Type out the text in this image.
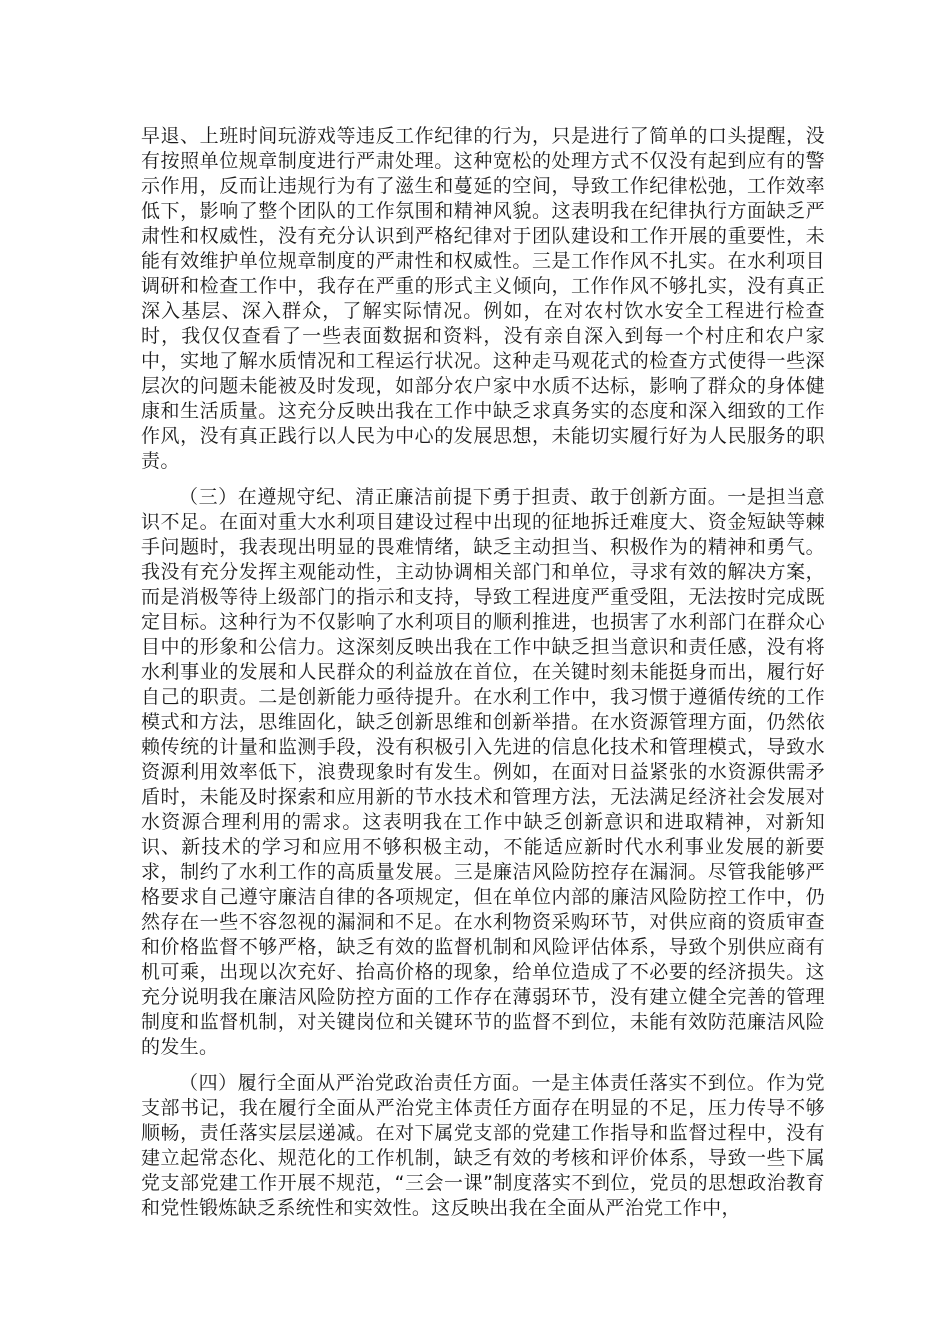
早退、上班时间玩游戏等违反工作纪律的行为，只是进行了简单的口头提醒，没有按照单位规章制度进行严肃处理。这种宽松的处理方式不仅没有起到应有的警示作用，反而让违规行为有了滋生和蔓延的空间，导致工作纪律松弛，工作效率低下，影响了整个团队的工作氛围和精神风貌。这表明我在纪律执行方面缺乏严肃性和权威性，没有充分认识到严格纪律对于团队建设和工作开展的重要性，未能有效维护单位规章制度的严肃性和权威性。三是工作作风不扎实。在水利项目调研和检查工作中，我存在严重的形式主义倾向，工作作风不够扎实，没有真正深入基层、深入群众，了解实际情况。例如，在对农村饮水安全工程进行检查时，我仅仅查看了一些表面数据和资料，没有亲自深入到每一个村庄和农户家中，实地了解水质情况和工程运行状况。这种走马观花式的检查方式使得一些深层次的问题未能被及时发现，如部分农户家中水质不达标，影响了群众的身体健康和生活质量。这充分反映出我在工作中缺乏求真务实的态度和深入细致的工作作风，没有真正践行以人民为中心的发展思想，未能切实履行好为人民服务的职责。

（三）在遵规守纪、清正廉洁前提下勇于担责、敢于创新方面。一是担当意识不足。在面对重大水利项目建设过程中出现的征地拆迁难度大、资金短缺等棘手问题时，我表现出明显的畏难情绪，缺乏主动担当、积极作为的精神和勇气。我没有充分发挥主观能动性，主动协调相关部门和单位，寻求有效的解决方案，而是消极等待上级部门的指示和支持，导致工程进度严重受阻，无法按时完成既定目标。这种行为不仅影响了水利项目的顺利推进，也损害了水利部门在群众心目中的形象和公信力。这深刻反映出我在工作中缺乏担当意识和责任感，没有将水利事业的发展和人民群众的利益放在首位，在关键时刻未能挺身而出，履行好自己的职责。二是创新能力亟待提升。在水利工作中，我习惯于遵循传统的工作模式和方法，思维固化，缺乏创新思维和创新举措。在水资源管理方面，仍然依赖传统的计量和监测手段，没有积极引入先进的信息化技术和管理模式，导致水资源利用效率低下，浪费现象时有发生。例如，在面对日益紧张的水资源供需矛盾时，未能及时探索和应用新的节水技术和管理方法，无法满足经济社会发展对水资源合理利用的需求。这表明我在工作中缺乏创新意识和进取精神，对新知识、新技术的学习和应用不够积极主动，不能适应新时代水利事业发展的新要求，制约了水利工作的高质量发展。三是廉洁风险防控存在漏洞。尽管我能够严格要求自己遵守廉洁自律的各项规定，但在单位内部的廉洁风险防控工作中，仍然存在一些不容忽视的漏洞和不足。在水利物资采购环节，对供应商的资质审查和价格监督不够严格，缺乏有效的监督机制和风险评估体系，导致个别供应商有机可乘，出现以次充好、抬高价格的现象，给单位造成了不必要的经济损失。这充分说明我在廉洁风险防控方面的工作存在薄弱环节，没有建立健全完善的管理制度和监督机制，对关键岗位和关键环节的监督不到位，未能有效防范廉洁风险的发生。

（四）履行全面从严治党政治责任方面。一是主体责任落实不到位。作为党支部书记，我在履行全面从严治党主体责任方面存在明显的不足，压力传导不够顺畅，责任落实层层递减。在对下属党支部的党建工作指导和监督过程中，没有建立起常态化、规范化的工作机制，缺乏有效的考核和评价体系，导致一些下属党支部党建工作开展不规范，“三会一课”制度落实不到位，党员的思想政治教育和党性锻炼缺乏系统性和实效性。这反映出我在全面从严治党工作中，
